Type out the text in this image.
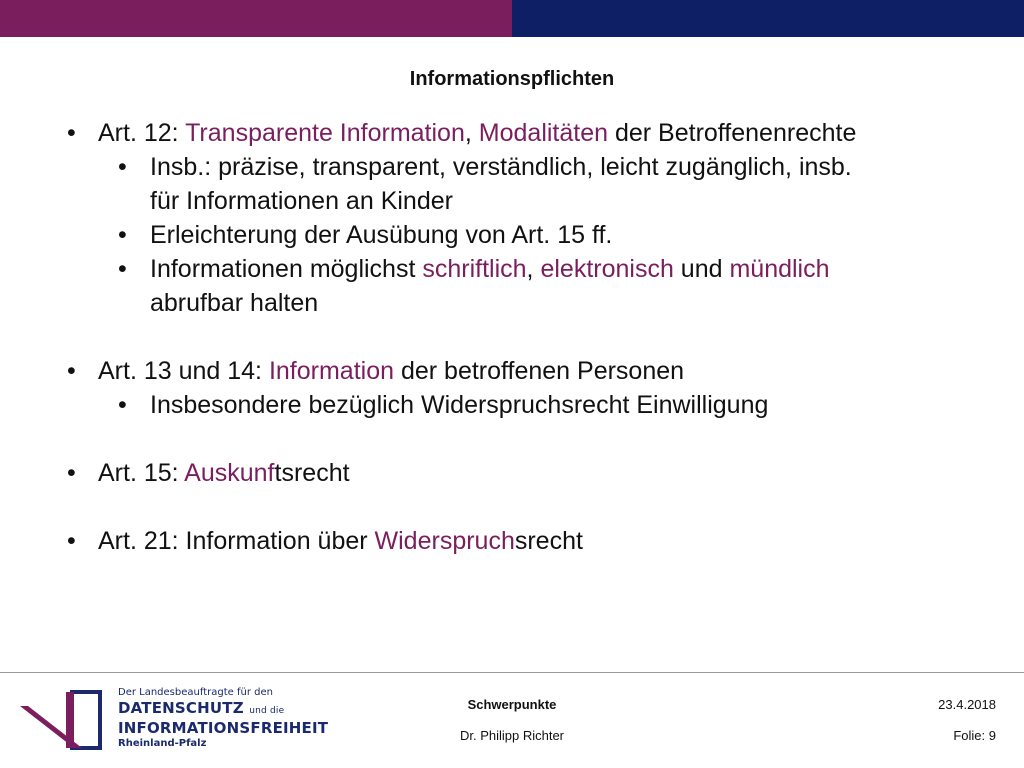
Informationspflichten
• Art. 12: Transparente Information, Modalitäten der Betroffenenrechte
• Insb.: präzise, transparent, verständlich, leicht zugänglich, insb.
für Informationen an Kinder
• Erleichterung der Ausübung von Art. 15 ff.
• Informationen möglichst schriftlich, elektronisch und mündlich
abrufbar halten
• Art. 13 und 14: Information der betroffenen Personen
• Insbesondere bezüglich Widerspruchsrecht Einwilligung
• Art. 15: Auskunftsrecht
• Art. 21: Information über Widerspruchsrecht
Der Landesbeauftragte für den
DATENSCHUTZ und die
INFORMATIONSFREIHEIT
Rheinland-Pfalz
Schwerpunkte
Dr. Philipp Richter
23.4.2018
Folie: 9
